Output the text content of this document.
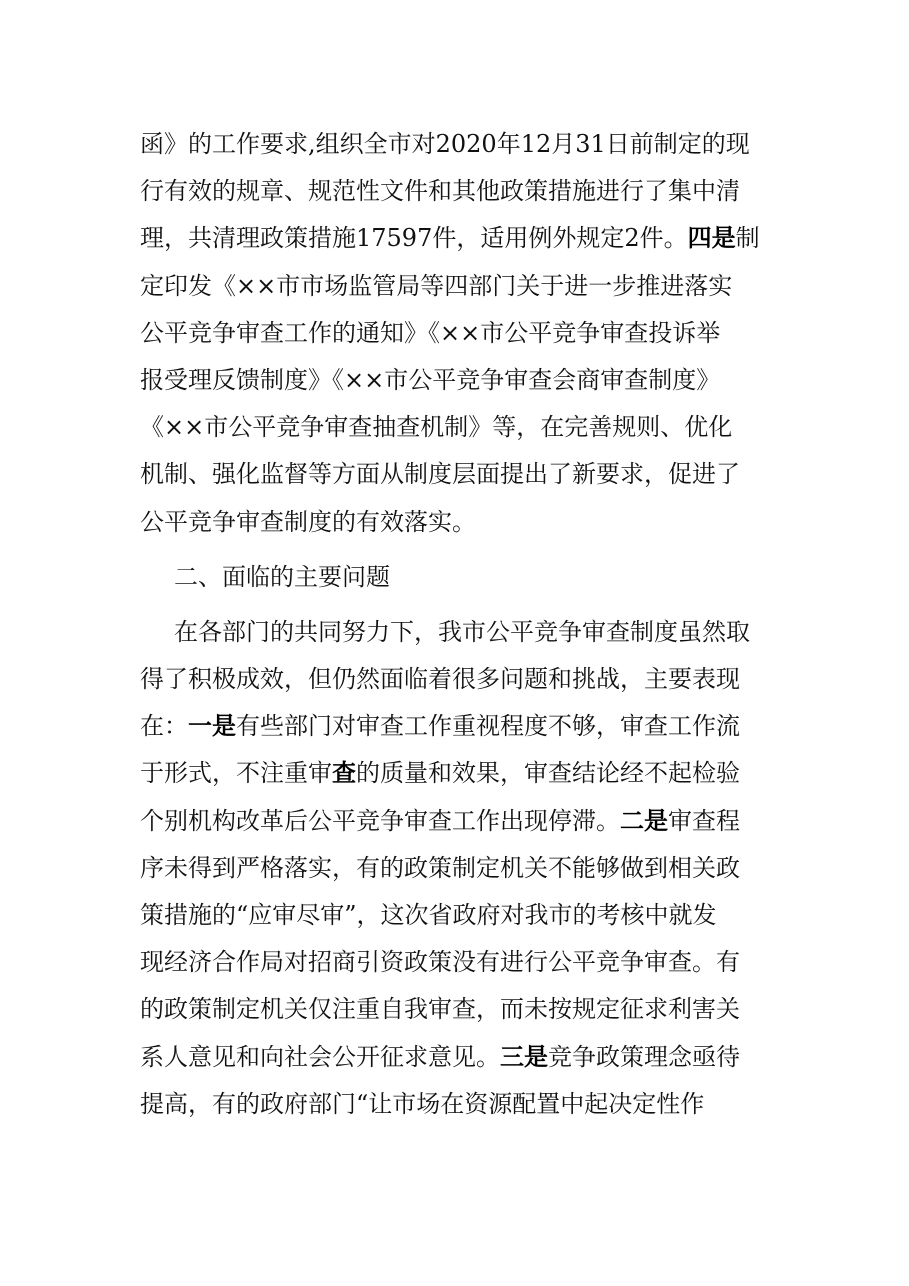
函》的工作要求,组织全市对2020年12月31日前制定的现
行有效的规章、规范性文件和其他政策措施进行了集中清
理，共清理政策措施17597件，适用例外规定2件。四是制
定印发《××市市场监管局等四部门关于进一步推进落实
公平竞争审查工作的通知》《××市公平竞争审查投诉举
报受理反馈制度》《××市公平竞争审查会商审查制度》
《××市公平竞争审查抽查机制》等，在完善规则、优化
机制、强化监督等方面从制度层面提出了新要求，促进了
公平竞争审查制度的有效落实。
二、面临的主要问题
在各部门的共同努力下，我市公平竞争审查制度虽然取
得了积极成效，但仍然面临着很多问题和挑战，主要表现
在：一是有些部门对审查工作重视程度不够，审查工作流
于形式，不注重审查的质量和效果，审查结论经不起检验
个别机构改革后公平竞争审查工作出现停滞。二是审查程
序未得到严格落实，有的政策制定机关不能够做到相关政
策措施的“应审尽审”，这次省政府对我市的考核中就发
现经济合作局对招商引资政策没有进行公平竞争审查。有
的政策制定机关仅注重自我审查，而未按规定征求利害关
系人意见和向社会公开征求意见。三是竞争政策理念亟待
提高，有的政府部门“让市场在资源配置中起决定性作
